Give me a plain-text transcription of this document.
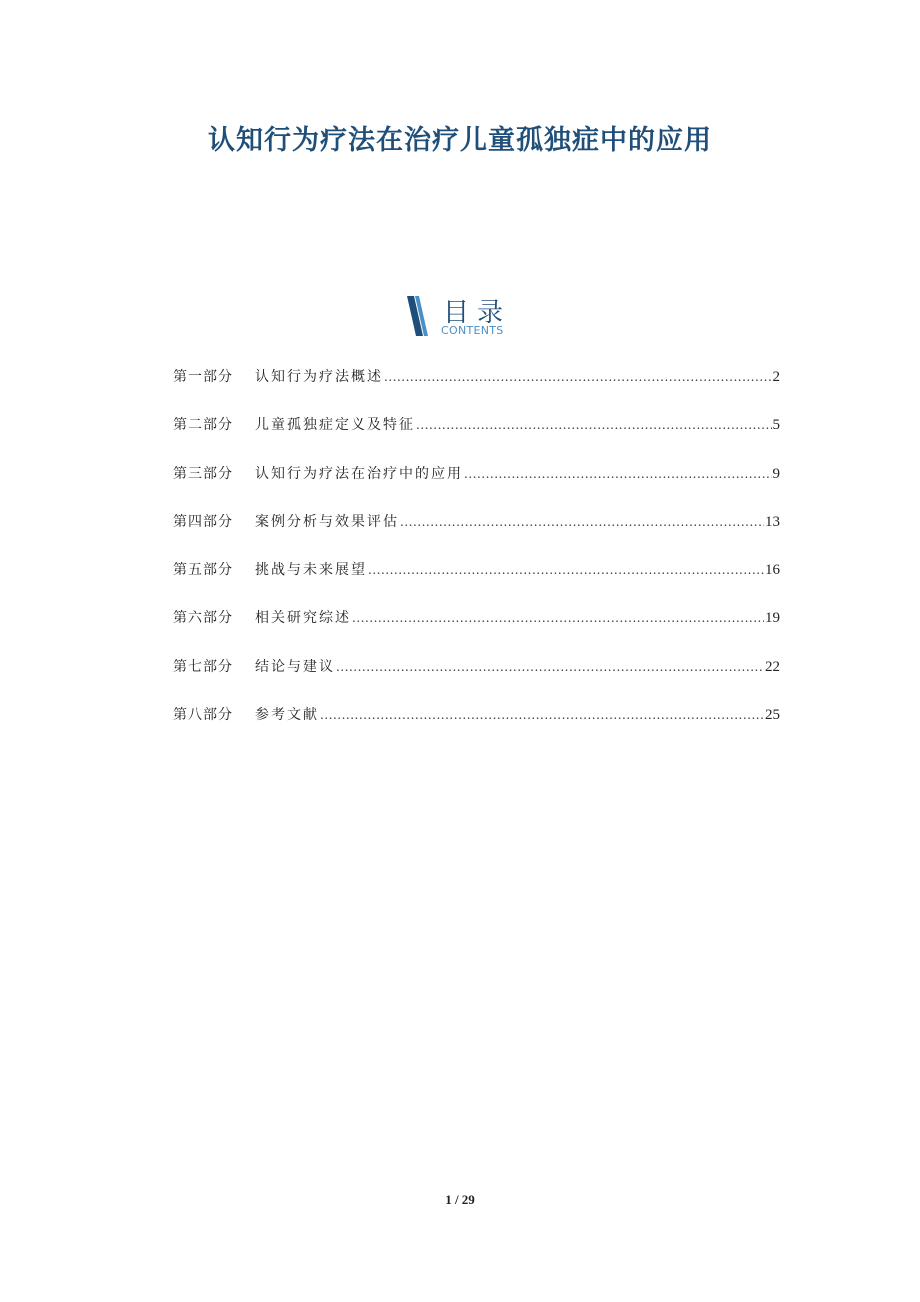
认知行为疗法在治疗儿童孤独症中的应用
目录
CONTENTS
第一部分	认知行为疗法概述 .....	2
第二部分	儿童孤独症定义及特征 .....	5
第三部分	认知行为疗法在治疗中的应用 .....	9
第四部分	案例分析与效果评估 .....	13
第五部分	挑战与未来展望 .....	16
第六部分	相关研究综述 .....	19
第七部分	结论与建议 .....	22
第八部分	参考文献 .....	25
1 / 29
